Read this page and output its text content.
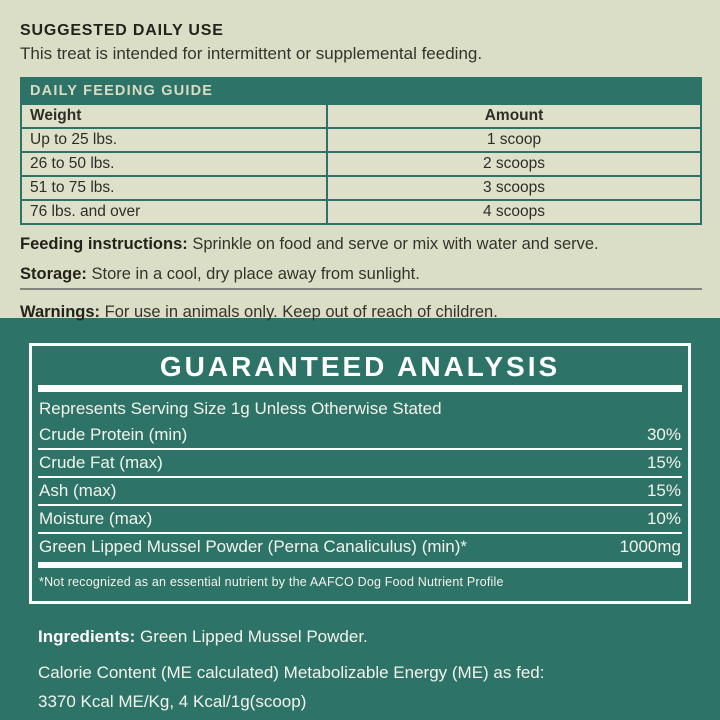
SUGGESTED DAILY USE

This treat is intended for intermittent or supplemental feeding.

DAILY FEEDING GUIDE	
Weight	Amount
Up to 25 lbs.	1 scoop
26 to 50 lbs.	2 scoops
51 to 75 lbs.	3 scoops
76 lbs. and over	4 scoops

Feeding instructions: Sprinkle on food and serve or mix with water and serve.

Storage: Store in a cool, dry place away from sunlight.

Warnings: For use in animals only. Keep out of reach of children.

GUARANTEED ANALYSIS
Represents Serving Size 1g Unless Otherwise Stated
Crude Protein (min)	30%
Crude Fat (max)	15%
Ash (max)	15%
Moisture (max)	10%
Green Lipped Mussel Powder (Perna Canaliculus) (min)*	1000mg
*Not recognized as an essential nutrient by the AAFCO Dog Food Nutrient Profile

Ingredients: Green Lipped Mussel Powder.

Calorie Content (ME calculated) Metabolizable Energy (ME) as fed:

3370 Kcal ME/Kg, 4 Kcal/1g(scoop)
